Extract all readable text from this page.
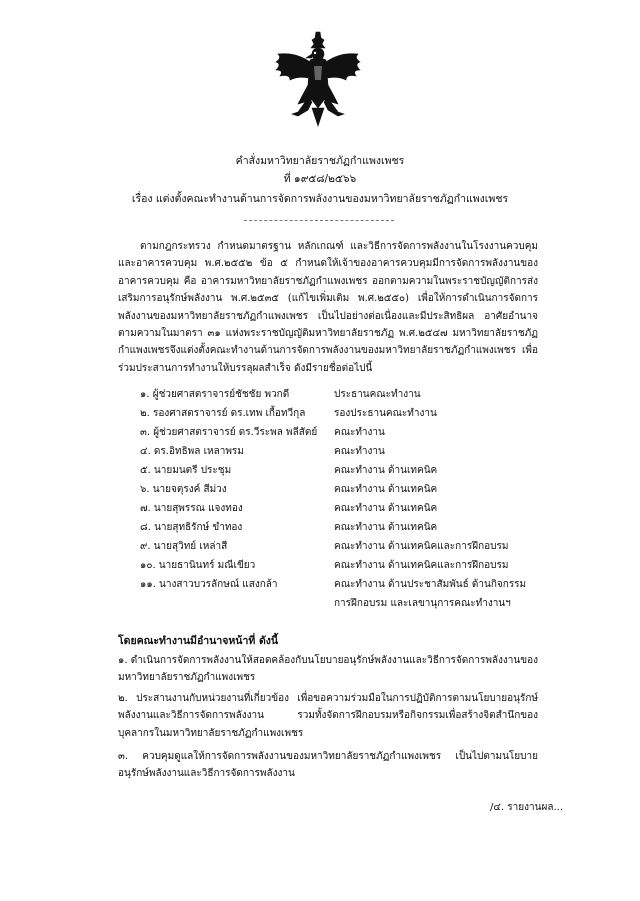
คำสั่งมหาวิทยาลัยราชภัฏกำแพงเพชร
ที่ ๑๙๕๘/๒๕๖๖
เรื่อง แต่งตั้งคณะทำงานด้านการจัดการพลังงานของมหาวิทยาลัยราชภัฏกำแพงเพชร
ตามกฎกระทรวง กำหนดมาตรฐาน หลักเกณฑ์ และวิธีการจัดการพลังงานในโรงงานควบคุมและอาคารควบคุม พ.ศ.๒๕๕๒ ข้อ ๕ กำหนดให้เจ้าของอาคารควบคุมมีการจัดการพลังงานของอาคารควบคุม คือ อาคารมหาวิทยาลัยราชภัฏกำแพงเพชร ออกตามความในพระราชบัญญัติการส่งเสริมการอนุรักษ์พลังงาน พ.ศ.๒๕๓๕ (แก้ไขเพิ่มเติม พ.ศ.๒๕๕๐) เพื่อให้การดำเนินการจัดการพลังงานของมหาวิทยาลัยราชภัฏกำแพงเพชร เป็นไปอย่างต่อเนื่องและมีประสิทธิผล อาศัยอำนาจตามความในมาตรา ๓๑ แห่งพระราชบัญญัติมหาวิทยาลัยราชภัฏ พ.ศ.๒๕๔๗ มหาวิทยาลัยราชภัฏกำแพงเพชรจึงแต่งตั้งคณะทำงานด้านการจัดการพลังงานของมหาวิทยาลัยราชภัฏกำแพงเพชร เพื่อร่วมประสานการทำงานให้บรรลุผลสำเร็จ ดังมีรายชื่อต่อไปนี้
๑. ผู้ช่วยศาสตราจารย์ชัชชัย พวกดี	ประธานคณะทำงาน
๒. รองศาสตราจารย์ ดร.เทพ เกื้อทวีกุล	รองประธานคณะทำงาน
๓. ผู้ช่วยศาสตราจารย์ ดร.วีระพล พลีสัตย์ คณะทำงาน
๔. ดร.อิทธิพล เหลาพรม	คณะทำงาน
๕. นายมนตรี ประชุม	คณะทำงาน ด้านเทคนิค
๖. นายจตุรงค์ สีม่วง	คณะทำงาน ด้านเทคนิค
๗. นายสุพรรณ แจงทอง	คณะทำงาน ด้านเทคนิค
๘. นายสุทธิรักษ์ ขำทอง	คณะทำงาน ด้านเทคนิค
๙. นายสุวิทย์ เหล่าสี	คณะทำงาน ด้านเทคนิคและการฝึกอบรม
๑๐. นายธานินทร์ มณีเขียว	คณะทำงาน ด้านเทคนิคและการฝึกอบรม
๑๑. นางสาวบวรลักษณ์ แสงกล้า	คณะทำงาน ด้านประชาสัมพันธ์ ด้านกิจกรรม
การฝึกอบรม และเลขานุการคณะทำงานฯ
โดยคณะทำงานมีอำนาจหน้าที่ ดังนี้
๑. ดำเนินการจัดการพลังงานให้สอดคล้องกับนโยบายอนุรักษ์พลังงานและวิธีการจัดการพลังงานของมหาวิทยาลัยราชภัฏกำแพงเพชร
๒. ประสานงานกับหน่วยงานที่เกี่ยวข้อง เพื่อขอความร่วมมือในการปฏิบัติการตามนโยบายอนุรักษ์พลังงานและวิธีการจัดการพลังงาน รวมทั้งจัดการฝึกอบรมหรือกิจกรรมเพื่อสร้างจิตสำนึกของบุคลากรในมหาวิทยาลัยราชภัฏกำแพงเพชร
๓. ควบคุมดูแลให้การจัดการพลังงานของมหาวิทยาลัยราชภัฏกำแพงเพชร เป็นไปตามนโยบายอนุรักษ์พลังงานและวิธีการจัดการพลังงาน
/๔. รายงานผล...
